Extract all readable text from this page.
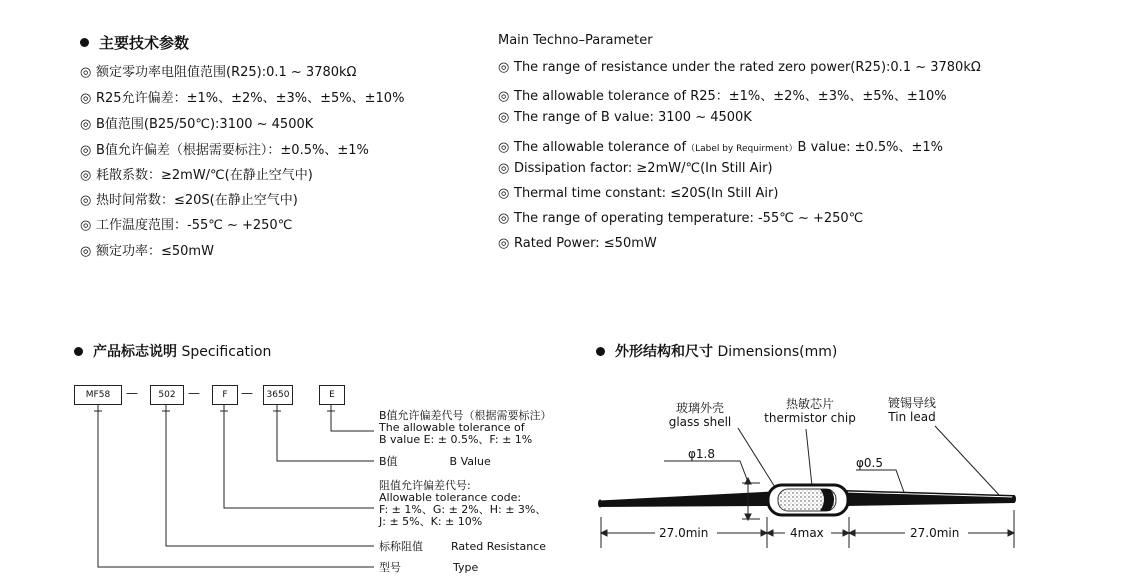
主要技术参数
◎ 额定零功率电阻值范围(R25):0.1 ~ 3780kΩ
◎ R25允许偏差：±1%、±2%、±3%、±5%、±10%
◎ B值范围(B25/50℃):3100 ~ 4500K
◎ B值允许偏差（根据需要标注）：±0.5%、±1%
◎ 耗散系数：≥2mW/℃(在静止空气中)
◎ 热时间常数：≤20S(在静止空气中)
◎ 工作温度范围：-55℃ ~ +250℃
◎ 额定功率：≤50mW
Main Techno–Parameter
◎ The range of resistance under the rated zero power(R25):0.1 ~ 3780kΩ
◎ The allowable tolerance of R25：±1%、±2%、±3%、±5%、±10%
◎ The range of B value: 3100 ~ 4500K
◎ The allowable tolerance of（Label by Requirment）B value: ±0.5%、±1%
◎ Dissipation factor: ≥2mW/℃(In Still Air)
◎ Thermal time constant: ≤20S(In Still Air)
◎ The range of operating temperature: -55℃ ~ +250℃
◎ Rated Power: ≤50mW
产品标志说明 Specification
MF58	—	502	—	F	—	3650	E
B值允许偏差代号（根据需要标注）
The allowable tolerance of
B value E: ± 0.5%、F: ± 1%
B值	B Value
阻值允许偏差代号:
Allowable tolerance code:
F: ± 1%、G: ± 2%、H: ± 3%、
J: ± 5%、K: ± 10%
标称阻值	Rated Resistance
型号	Type
外形结构和尺寸 Dimensions(mm)
玻璃外壳
glass shell
热敏芯片
thermistor chip
镀锡导线
Tin lead
φ1.8
φ0.5
27.0min	4max	27.0min
